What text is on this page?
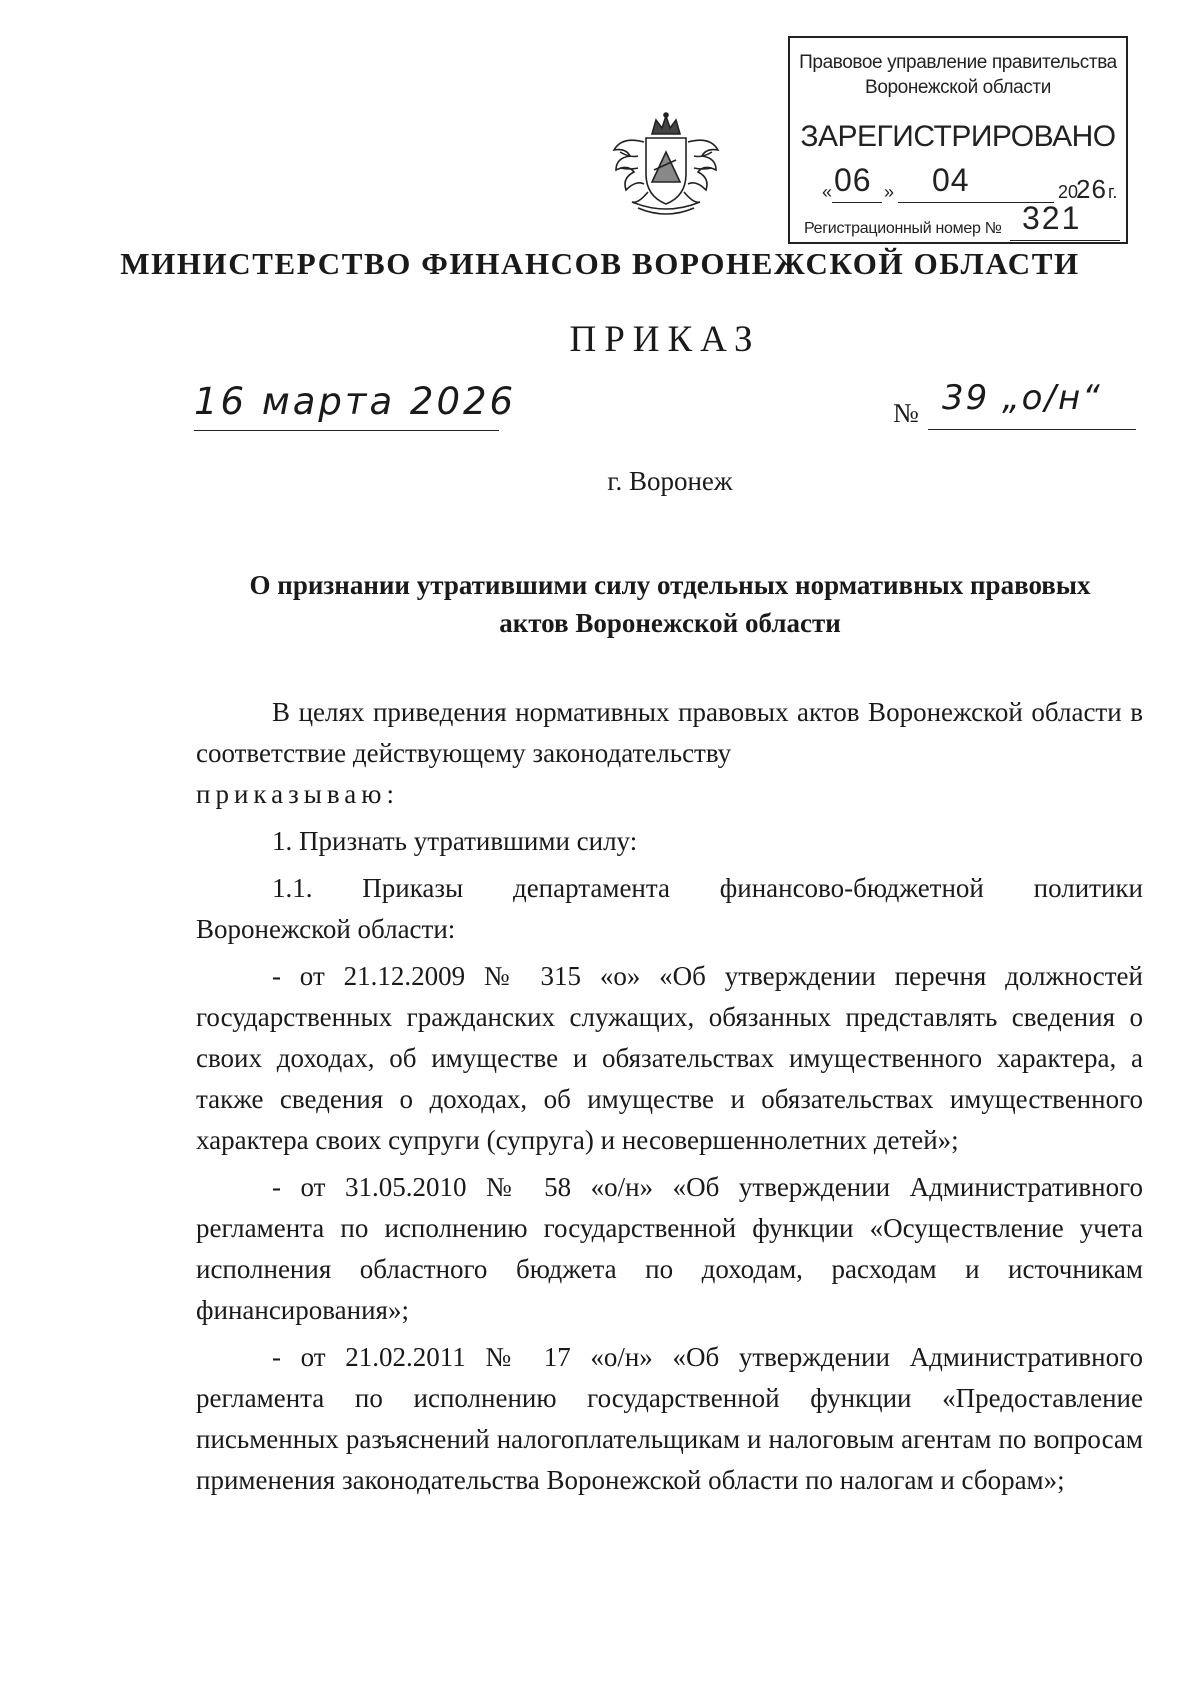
Правовое управление правительства
Воронежской области
ЗАРЕГИСТРИРОВАНО
« 06 » 04	20
26 г.
Регистрационный номер № 321
МИНИСТЕРСТВО ФИНАНСОВ ВОРОНЕЖСКОЙ ОБЛАСТИ
ПРИКАЗ
16 марта 2026	№ 39 „о/н“
г. Воронеж
О признании утратившими силу отдельных нормативных правовых
актов Воронежской области

В целях приведения нормативных правовых актов Воронежской области в соответствие действующему законодательству

приказываю:

1. Признать утратившими силу:

1.1. Приказы департамента финансово-бюджетной политики

Воронежской области:

- от 21.12.2009 № 315 «о» «Об утверждении перечня должностей государственных гражданских служащих, обязанных представлять сведения о своих доходах, об имуществе и обязательствах имущественного характера, а также сведения о доходах, об имуществе и обязательствах имущественного характера своих супруги (супруга) и несовершеннолетних детей»;

- от 31.05.2010 № 58 «о/н» «Об утверждении Административного регламента по исполнению государственной функции «Осуществление учета исполнения областного бюджета по доходам, расходам и источникам финансирования»;

- от 21.02.2011 № 17 «о/н» «Об утверждении Административного регламента по исполнению государственной функции «Предоставление письменных разъяснений налогоплательщикам и налоговым агентам по вопросам применения законодательства Воронежской области по налогам и сборам»;
